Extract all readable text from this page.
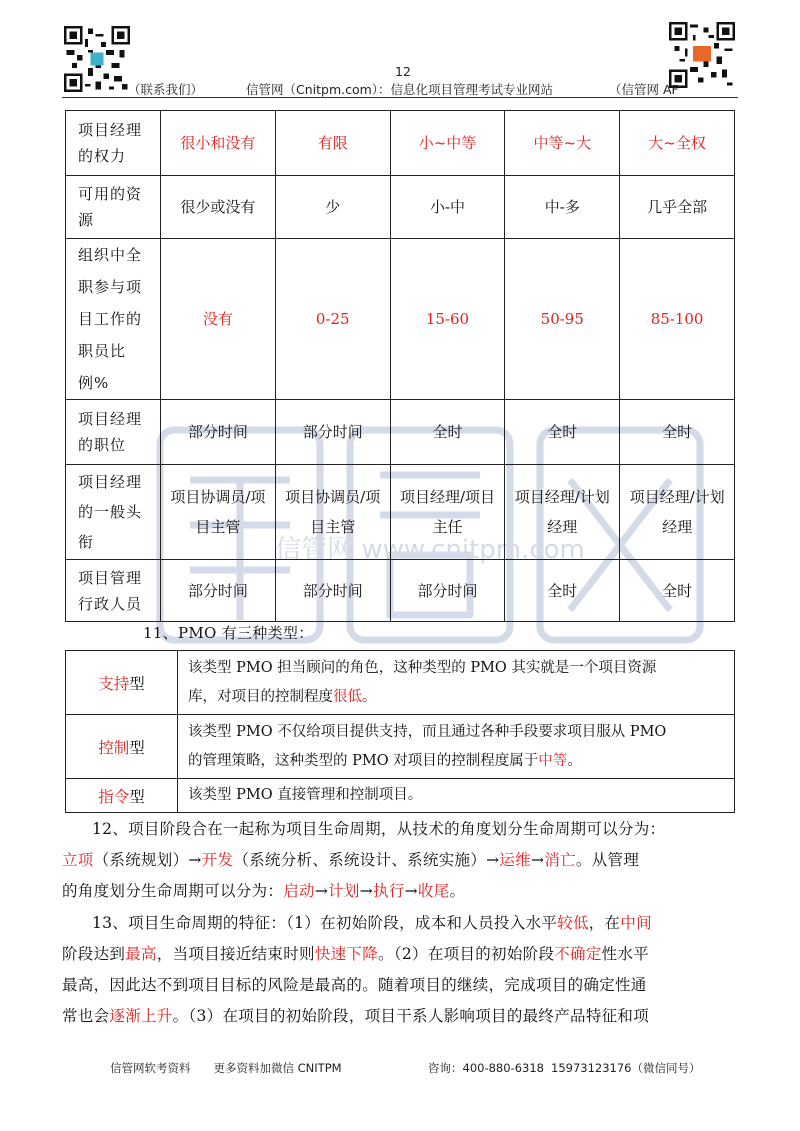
12
（联系我们）	信管网（Cnitpm.com）：信息化项目管理考试专业网站	（信管网 AF
信管网 www.cnitpm.com
项目经理的权力	很小和没有	有限	小~中等	中等~大	大~全权
可用的资源	很少或没有	少	小-中	中-多	几乎全部
组织中全职参与项目工作的职员比例%	没有	0-25	15-60	50-95	85-100
项目经理的职位	部分时间	部分时间	全时	全时	全时
项目经理的一般头衔	项目协调员/项目主管	项目协调员/项目主管	项目经理/项目主任	项目经理/计划经理	项目经理/计划经理
项目管理行政人员	部分时间	部分时间	部分时间	全时	全时
11、PMO 有三种类型：
支持型	该类型 PMO 担当顾问的角色，这种类型的 PMO 其实就是一个项目资源
库，对项目的控制程度很低。
控制型	该类型 PMO 不仅给项目提供支持，而且通过各种手段要求项目服从 PMO
的管理策略，这种类型的 PMO 对项目的控制程度属于中等。
指令型	该类型 PMO 直接管理和控制项目。
12、项目阶段合在一起称为项目生命周期，从技术的角度划分生命周期可以分为：
立项（系统规划）→开发（系统分析、系统设计、系统实施）→运维→消亡。从管理
的角度划分生命周期可以分为：启动→计划→执行→收尾。
13、项目生命周期的特征：（1）在初始阶段，成本和人员投入水平较低，在中间
阶段达到最高，当项目接近结束时则快速下降。（2）在项目的初始阶段不确定性水平
最高，因此达不到项目目标的风险是最高的。随着项目的继续，完成项目的确定性通
常也会逐渐上升。（3）在项目的初始阶段，项目干系人影响项目的最终产品特征和项
信管网软考资料　　更多资料加微信 CNITPM	咨询：400-880-6318 15973123176（微信同号）
